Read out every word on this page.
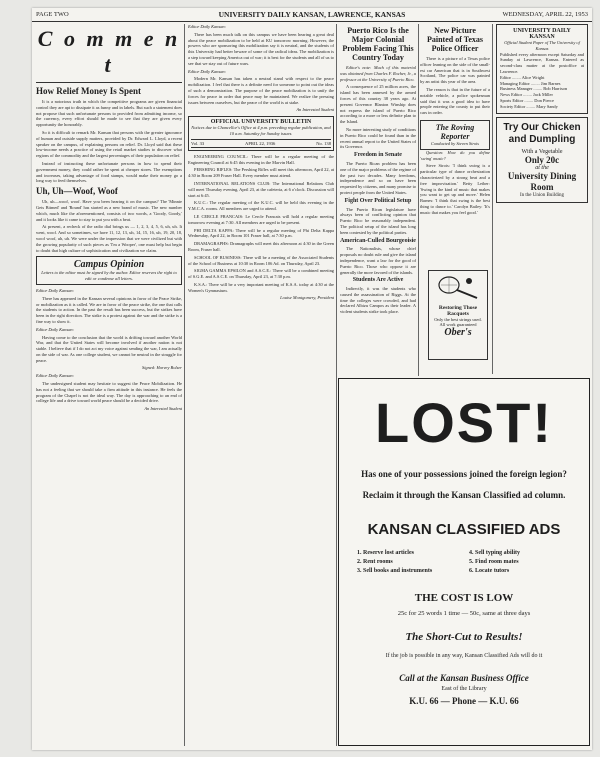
PAGE TWO	UNIVERSITY DAILY KANSAN, LAWRENCE, KANSAS	WEDNESDAY, APRIL 22, 1953
C o m m e n t
How Relief Money Is Spent

It is a notorious truth in which the competitive programs are given financial control they are apt to dissipate it as funny and in labels. But such a statement does not propose that such unfortunate persons to provided from admitting income, so the currency, every effort should be made to see that they are given every opportunity the honorably.

So it is difficult to remark Mr. Kansan that persons with the greater ignorance of human and outside supply matters, provided by Dr. Edward L. Lloyd, a recent speaker on the campus, of explaining persons on relief. Dr. Lloyd said that these low-income needs a practice of using the retail market studies to discover what regions of the commodity and the largest percentages of their population on relief.

Instead of instructing these unfortunate persons in how to spend their government money, they could rather be spent at cheaper stores. The exemptions and increases, taking advantage of food stamps, would make their money go a long way to feed themselves.

Uh, Uh—Woof, Woof

Uh, uh—woof, woof. Have you been hearing it on the campus? The 'Minnie Gets Bitmed' and 'Round' has started as a new brand of music. The new number which, much like the aforementioned, consists of two words, a 'Goody, Goody,' and it looks like it came to stay to put you with a beat.

At present, a recheck of the radio dial brings us — 1, 2, 3, 4, 5, 6, uh, uh. It went, woof. And so sometimes, we have 11, 12, 13, uh, 14, 15, 16, uh, 19, 20, 18, woof woof, uh, uh. We were under the impression that we were civilized but with the growing popularity of such pieces as 'I'm a Wooper', one must help but begin to doubt that high culture of sophistication and civilization we claim.

Campus Opinion
Letters to the editor must be signed by the author. Editor reserves the right to edit or condense all letters.

Editor Daily Kansan:

There has appeared in the Kansan several opinions in favor of the Peace Strike, or mobilization as it is called. We are in favor of the peace strike, the one that calls the students to action. In the past the result has been success, but the strikes have been in the right direction. The strike is a protest against the war and the strike is a fine way to show it.

Editor Daily Kansan:

Having come to the conclusion that the world is drifting toward another World War, and that the United States will become involved if another nation is not stable. I believe that if I do not act my voice against sending the war, I am actually on the side of war. As one college student, we cannot be neutral in the struggle for peace.

Signed: Harvey Bolser

Editor Daily Kansan:

The undersigned student may hesitate to suggest the Peace Mobilization. He has not a feeling that we should take a firm attitude in this instance. He feels the program of the Chapel is not the ideal way. The day is approaching to an end of college life and a drive toward world peace should be a decided drive.

An Interested Student

Editor Daily Kansan:

There has been much talk on this campus we have been hearing a great deal about the peace mobilization to be held at KU tomorrow morning. However, the powers who are sponsoring this mobilization say it is neutral, and the students of this University had better beware of some of the radical ideas. The mobilization is a step toward keeping America out of war; it is best for the students and all of us to see that we stay out of future wars.

Editor Daily Kansan:

Modern Mr. Kansan has taken a neutral stand with respect to the peace mobilization. I feel that there is a definite need for someone to point out the ideas of such a demonstration. The purpose of the peace mobilization is to unify the forces for peace in order that peace may be maintained. We realize the pressing issues between ourselves, but the peace of the world is at stake.

An Interested Student

OFFICIAL UNIVERSITY BULLETIN
Notices due in Chancellor's Office at 4 p.m. preceding regular publication, and 10 a.m. Saturday for Sunday issues.
Vol. 33	APRIL 22, 1936	No. 138

ENGINEERING COUNCIL: There will be a regular meeting of the Engineering Council at 6:45 this evening in the Marvin Hall.

PERSHING RIFLES: The Pershing Rifles will meet this afternoon, April 22, at 4:30 in Room 209 Fraser Hall. Every member must attend.

INTERNATIONAL RELATIONS CLUB: The International Relations Club will meet Thursday evening, April 23, at the cafeteria, at 6 o'clock. Discussion will start at 6:45.

K.U.C.: The regular meeting of the K.U.C. will be held this evening in the Y.M.C.A. rooms. All members are urged to attend.

LE CERCLE FRANCAIS: Le Cercle Francais will hold a regular meeting tomorrow evening at 7:30. All members are urged to be present.

PHI DELTA KAPPA: There will be a regular meeting of Phi Delta Kappa Wednesday, April 22, in Room 101 Fraser hall, at 7:30 p.m.

DRAMAGRAPHS: Dramagraphs will meet this afternoon at 4:30 in the Green Room, Fraser hall.

SCHOOL OF BUSINESS: There will be a meeting of the Associated Students of the School of Business at 10:30 in Room 106 Ad. on Thursday, April 23.

SIGMA GAMMA EPSILON and A.S.C.E.: There will be a combined meeting of S.G.E. and A.S.C.E. on Thursday, April 23, at 7:30 p.m.

K.S.A.: There will be a very important meeting of K.S.A. today at 4:30 at the Women's Gymnasium.

Louise Montgomery, President

Puerto Rico Is the Major Colonial Problem Facing This Country Today

Editor's note: Much of this material was obtained from Charles F. Rocher, Jr., a professor at the University of Puerto Rico.

A consequence of 25 million acres, the island has been annexed by the armed forces of this country 38 years ago. At present Governor Blanton Winship does not express the island of Puerto Rico according to a more or less definite plan to the Island.

No more interesting study of conditions in Puerto Rico could be found than in the recent annual report to the United States of its Governor.

Freedom in Senate

The Puerto Rican problem has been one of the major problems of the regime of the past two decades. Many freedoms, independence and so on have been requested by citizens, and many promise to protect people from the United States.

Fight Over Political Setup

The Puerto Rican legislature have always been of conflicting opinion that Puerto Rico be reasonably independent. The political setup of the island has long been contested by the political parties.

American-Culled Bourgeoisie

The Nationalists, whose chief proposals no doubt rule and give the island independence, want a law for the good of Puerto Rico. Those who oppose it are generally the more favored of the islands.

Students Are Active

Indirectly, it was the students who caused the assassination of Riggs. At the time the colleges were crowded, and had declared Albizu Campos as their leader. A violent students strike took place.

UNIVERSITY DAILY KANSAN
Official Student Paper of The University of Kansas
Published every afternoon except Saturday and Sunday at Lawrence, Kansas. Entered as second-class matter at the postoffice at Lawrence.
Editor ........ Alice Wright
Managing Editor ........ Jim Barnes
Business Manager ........ Bob Harrison
News Editor ........ Jack Miller
Sports Editor ........ Don Pierce
Society Editor ........ Mary Sandy
Try Our Chicken and Dumpling
With a Vegetable
Only 20c
at the
University Dining Room
In the Union Building
New Picture Painted of Texas Police Officer

There is a picture of a Texas police officer leaning on the side of the small-est car American that is in Southwest Scotland, The police car was painted by an artist this year of the area.

The reason is that in the future of a notable vehicle, a police spokesman said that it was a good idea to have people entering the county to put their cars in order.

The Roving Reporter
Conducted by Steven Sirois

Question: How do you define 'swing' music?

Steve Sirois: 'I think swing is a particular type of dance orchestration characterized by a strong beat and a free improvisation.' Betty Leiber: 'Swing is the kind of music that makes you want to get up and move.' Helen Barnes: 'I think that swing is the best thing to dance to.' Carolyn Bailey: 'It's music that makes you feel good.'

Restoring Those Racquets
Only the best strings used.
All work guaranteed
Ober's
LOST!
Has one of your possessions joined the foreign legion?
Reclaim it through the Kansan Classified ad column.
KANSAN CLASSIFIED ADS
1. Reserve lost articles	4. Sell typing ability
2. Rent rooms	5. Find room mates
3. Sell books and instruments	6. Locate tutors
THE COST IS LOW
25c for 25 words 1 time — 50c, same at three days
The Short-Cut to Results!
If the job is possible in any way, Kansan Classified Ads will do it
Call at the Kansan Business Office
East of the Library
K.U. 66 — Phone — K.U. 66
